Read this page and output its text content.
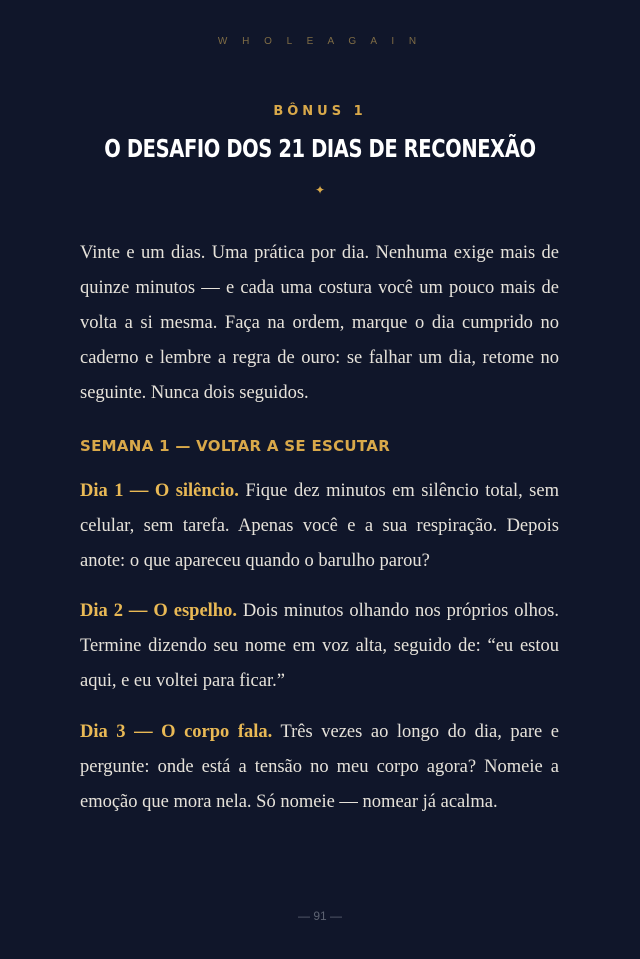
W H O L E A G A I N
BÔNUS 1
O DESAFIO DOS 21 DIAS DE RECONEXÃO
✦

Vinte e um dias. Uma prática por dia. Nenhuma exige mais de quinze minutos — e cada uma costura você um pouco mais de volta a si mesma. Faça na ordem, marque o dia cumprido no caderno e lembre a regra de ouro: se falhar um dia, retome no seguinte. Nunca dois seguidos.

SEMANA 1 — VOLTAR A SE ESCUTAR

Dia 1 — O silêncio. Fique dez minutos em silêncio total, sem celular, sem tarefa. Apenas você e a sua respiração. Depois anote: o que apareceu quando o barulho parou?

Dia 2 — O espelho. Dois minutos olhando nos próprios olhos. Termine dizendo seu nome em voz alta, seguido de: “eu estou aqui, e eu voltei para ficar.”

Dia 3 — O corpo fala. Três vezes ao longo do dia, pare e pergunte: onde está a tensão no meu corpo agora? Nomeie a emoção que mora nela. Só nomeie — nomear já acalma.

— 91 —
